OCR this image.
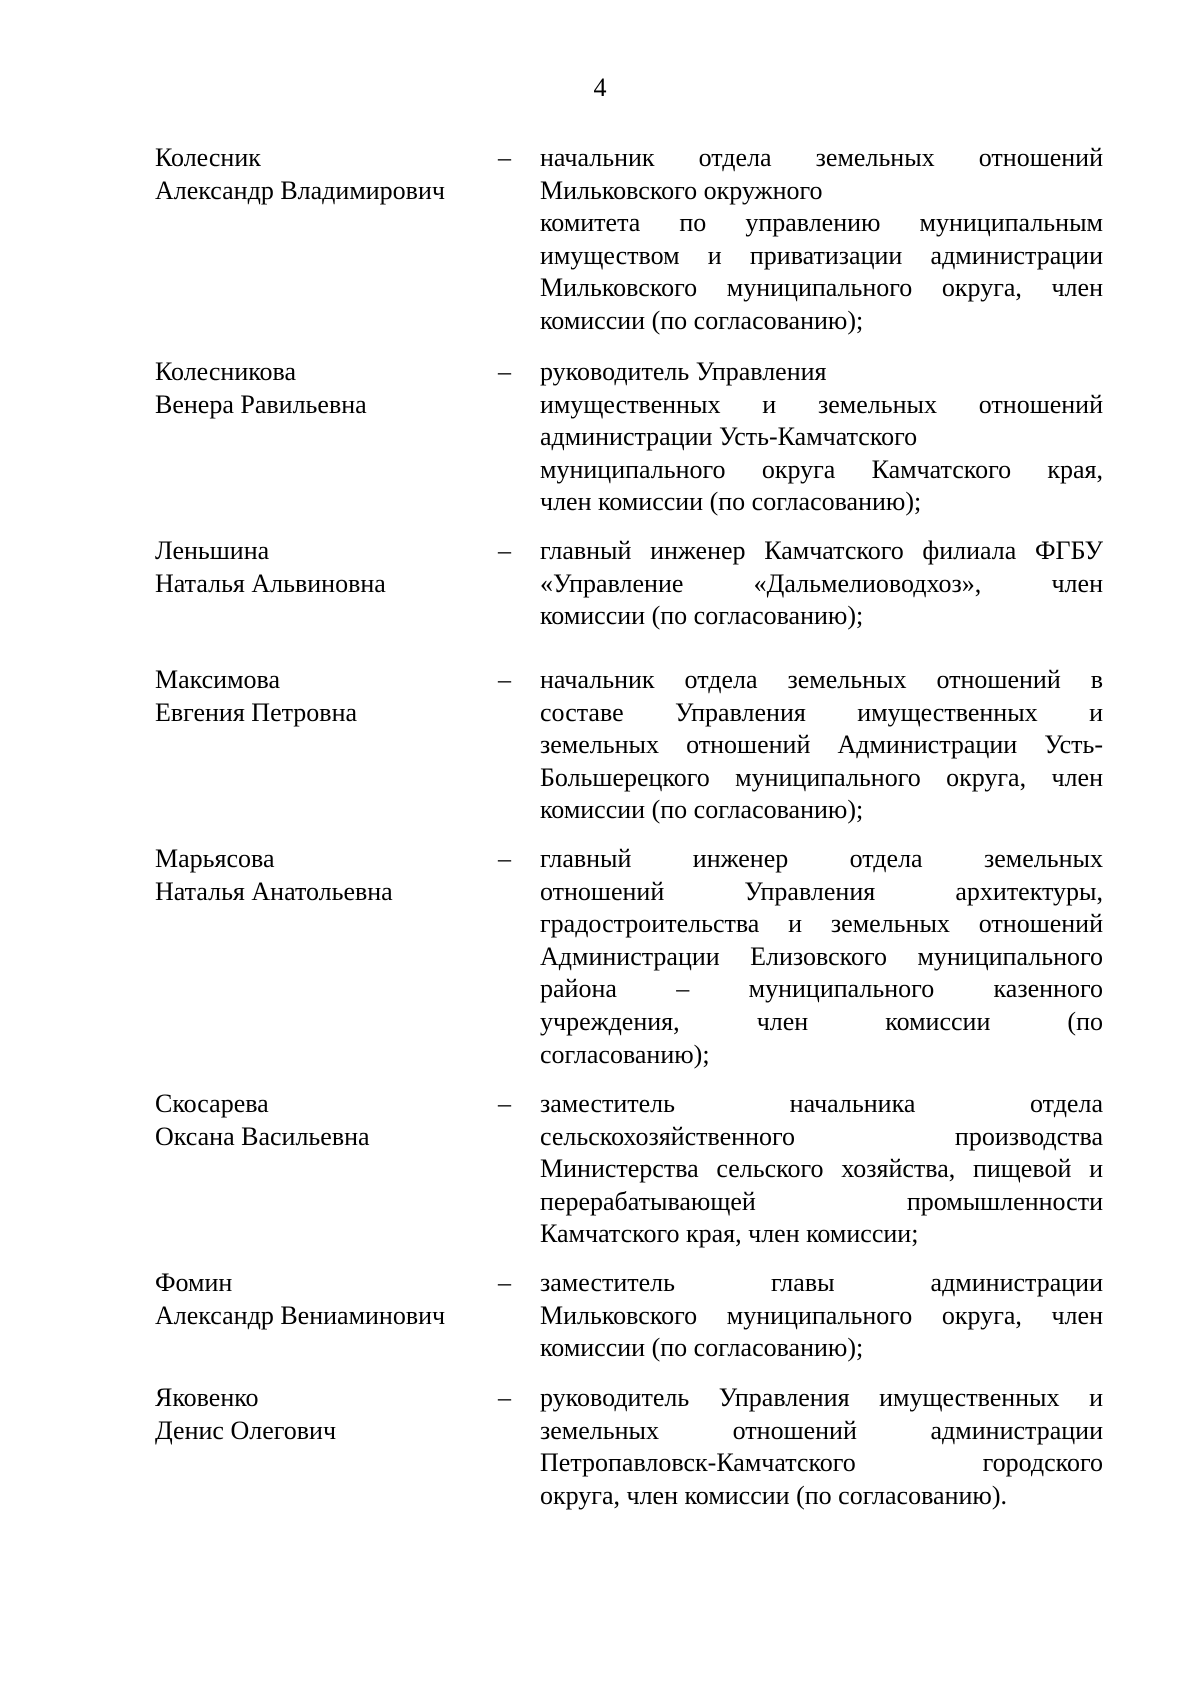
4
Колесник
Александр Владимирович
– начальник отдела земельных отношений
Мильковского окружного
комитета по управлению муниципальным
имуществом и приватизации администрации
Мильковского муниципального округа, член
комиссии (по согласованию);
Колесникова
Венера Равильевна
– руководитель Управления
имущественных и земельных отношений
администрации Усть-Камчатского
муниципального округа Камчатского края,
член комиссии (по согласованию);
Леньшина
Наталья Альвиновна
– главный инженер Камчатского филиала ФГБУ
«Управление «Дальмелиоводхоз», член
комиссии (по согласованию);
Максимова
Евгения Петровна
– начальник отдела земельных отношений в
составе Управления имущественных и
земельных отношений Администрации Усть-
Большерецкого муниципального округа, член
комиссии (по согласованию);
Марьясова
Наталья Анатольевна
– главный инженер отдела земельных
отношений Управления архитектуры,
градостроительства и земельных отношений
Администрации Елизовского муниципального
района – муниципального казенного
учреждения, член комиссии (по
согласованию);
Скосарева
Оксана Васильевна
– заместитель начальника отдела
сельскохозяйственного производства
Министерства сельского хозяйства, пищевой и
перерабатывающей промышленности
Камчатского края, член комиссии;
Фомин
Александр Вениаминович
– заместитель главы администрации
Мильковского муниципального округа, член
комиссии (по согласованию);
Яковенко
Денис Олегович
– руководитель Управления имущественных и
земельных отношений администрации
Петропавловск-Камчатского городского
округа, член комиссии (по согласованию).
